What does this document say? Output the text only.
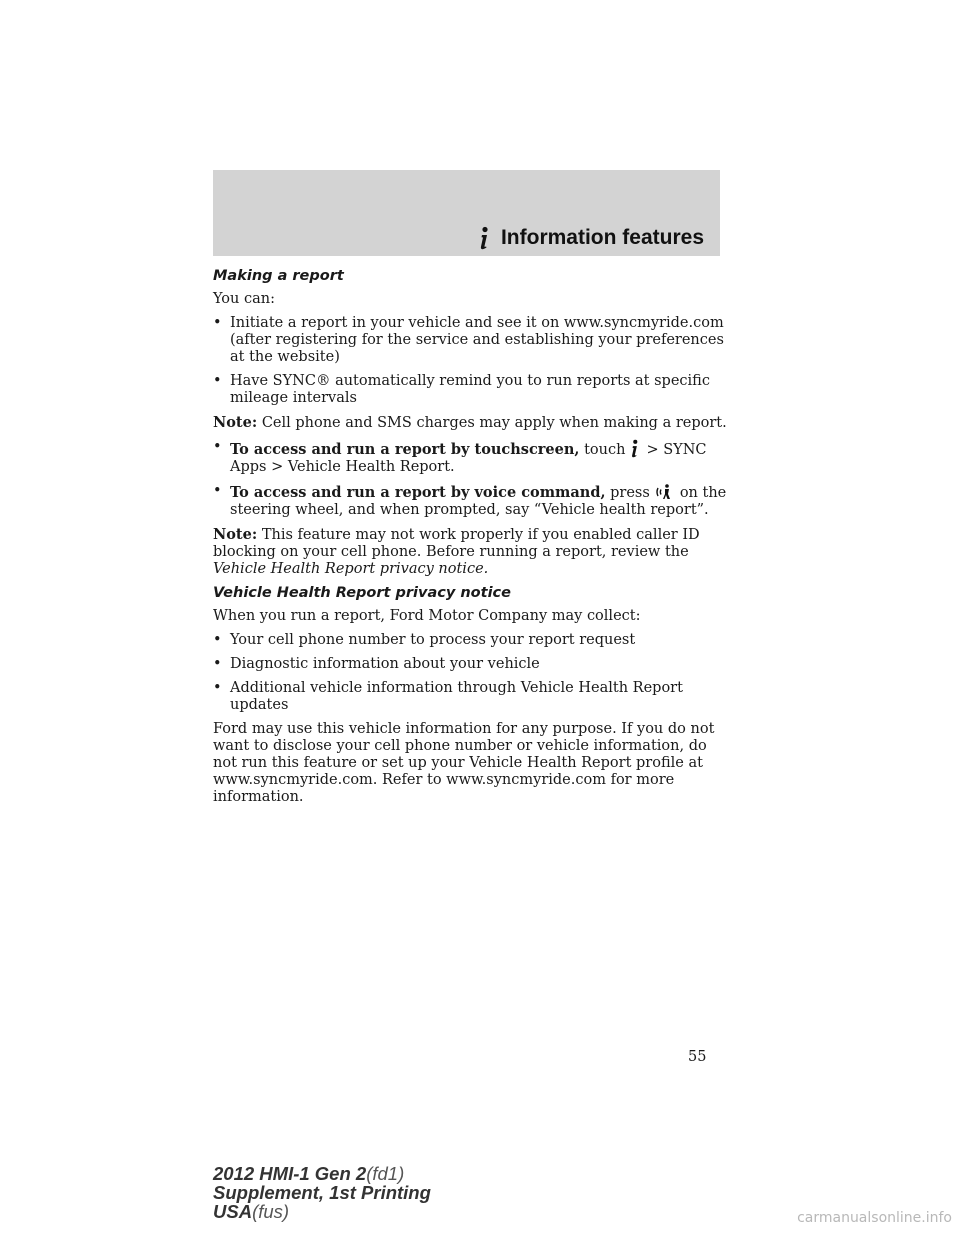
Information features
Making a report

You can:

• Initiate a report in your vehicle and see it on www.syncmyride.com (after registering for the service and establishing your preferences at the website)
• Have SYNC® automatically remind you to run reports at specific mileage intervals

Note: Cell phone and SMS charges may apply when making a report.

• To access and run a report by touchscreen, touch > SYNC Apps > Vehicle Health Report.
• To access and run a report by voice command, press on the steering wheel, and when prompted, say “Vehicle health report”.

Note: This feature may not work properly if you enabled caller ID blocking on your cell phone. Before running a report, review the Vehicle Health Report privacy notice.

Vehicle Health Report privacy notice

When you run a report, Ford Motor Company may collect:

• Your cell phone number to process your report request
• Diagnostic information about your vehicle
• Additional vehicle information through Vehicle Health Report updates

Ford may use this vehicle information for any purpose. If you do not want to disclose your cell phone number or vehicle information, do not run this feature or set up your Vehicle Health Report profile at www.syncmyride.com. Refer to www.syncmyride.com for more information.

55
2012 HMI-1 Gen 2(fd1)
Supplement, 1st Printing
USA(fus)	carmanualsonline.info
